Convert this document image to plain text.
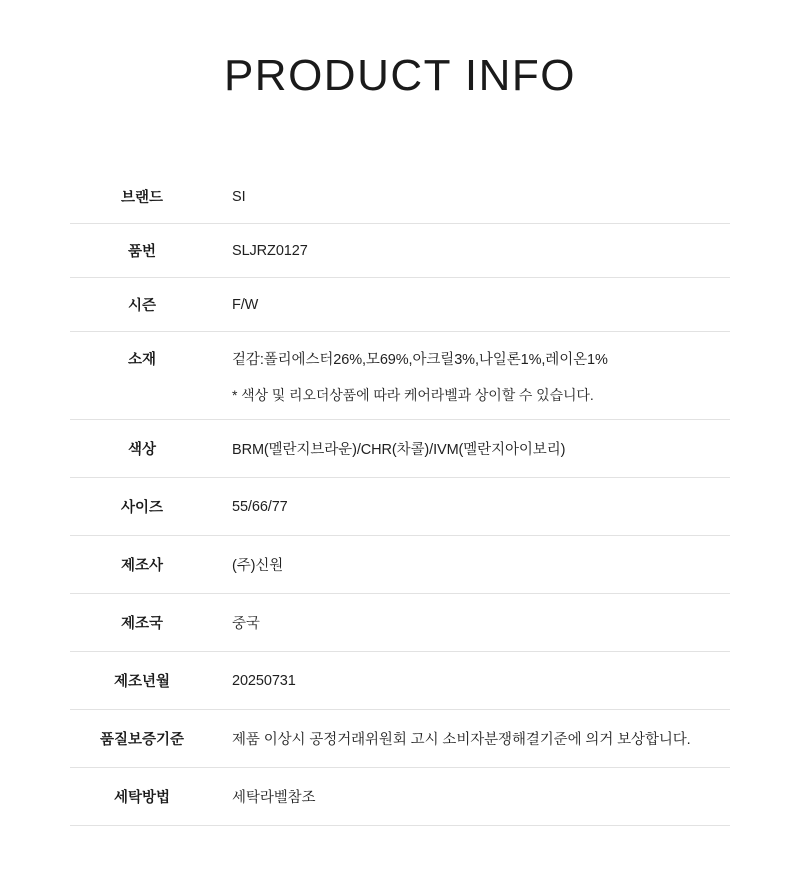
PRODUCT INFO
브랜드	SI
품번	SLJRZ0127
시즌	F/W
소재	겉감:폴리에스터26%,모69%,아크릴3%,나일론1%,레이온1%
	* 색상 및 리오더상품에 따라 케어라벨과 상이할 수 있습니다.
색상	BRM(멜란지브라운)/CHR(차콜)/IVM(멜란지아이보리)
사이즈	55/66/77
제조사	(주)신원
제조국	중국
제조년월	20250731
품질보증기준	제품 이상시 공정거래위원회 고시 소비자분쟁해결기준에 의거 보상합니다.
세탁방법	세탁라벨참조
